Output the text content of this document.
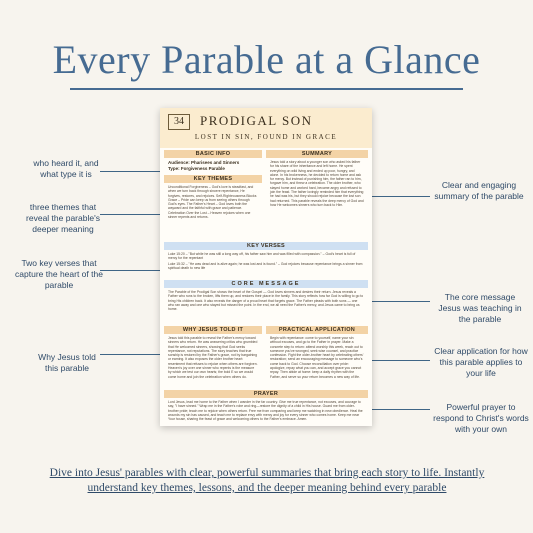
Every Parable at a Glance
who heard it, and what type it is
three themes that reveal the parable's deeper meaning
Two key verses that capture the heart of the parable
Why Jesus told this parable
Clear and engaging summary of the parable
The core message Jesus was teaching in the parable
Clear application for how this parable applies to your life
Powerful prayer to respond to Christ's words with your own
34	PRODIGAL SON
LOST IN SIN, FOUND IN GRACE
BASIC INFO
Audience: Pharisees and Sinners
Type: Forgiveness Parable
KEY THEMES
Unconditional Forgiveness – God's love is steadfast, and when we turn back through sincere repentance, He forgives, restores, and rejoices. Self-Righteousness Blocks Grace – Pride can keep us from seeing others through God's eyes. The Father's Heart – God loves both the wayward and the faithful with grace and patience. Celebration Over the Lost – Heaven rejoices when one sinner repents and returns.
SUMMARY
Jesus told a story about a younger son who asked his father for his share of the inheritance and left home. He spent everything on wild living and ended up poor, hungry, and alone. In his brokenness, he decided to return home and ask for mercy. But instead of punishing him, the father ran to him, forgave him, and threw a celebration. The older brother, who stayed home and worked hard, became angry and refused to join the feast. The father lovingly reminded him that everything he had was his, but they should rejoice because the lost son had returned. This parable reveals the deep mercy of God and how He welcomes sinners who turn back to Him.
KEY VERSES
Luke 15:20 – "But while he was still a long way off, his father saw him and was filled with compassion." – God's heart is full of mercy for the repentant
Luke 15:32 – "He was dead and is alive again; he was lost and is found." – God rejoices because repentance brings a sinner from spiritual death to new life
CORE MESSAGE
The Parable of the Prodigal Son shows the heart of the Gospel — God loves sinners and desires their return. Jesus reveals a Father who runs to the broken, lifts them up, and restores their place in the family. This story reflects how far God is willing to go to bring His children back. It also reveals the danger of a proud heart that forgets grace. The Father pleads with both sons — one who ran away and one who stayed but missed the point. In the end, we all need the Father's mercy, and Jesus came to bring us home.
WHY JESUS TOLD IT
Jesus told this parable to reveal the Father's mercy toward sinners who return. He was answering critics who grumbled that He welcomed sinners, showing that God seeks repentance, not reputations. The story teaches that true sonship is restored by the Father's grace, not by bargaining or earning. It also exposes the older brother heart: resentment that refuses to rejoice when others are forgiven. Heaven's joy over one sinner who repents is the measure by which we test our own hearts; the bold E so we would come home and join the celebration when others do.
PRACTICAL APPLICATION
Begin with repentance: come to yourself, name your sin without excuses, and go to the Father in prayer. Make a concrete step to return: attend worship this week, reach out to someone you've wronged, seek wise counsel, and practice confession. Fight the older-brother heart by celebrating others' restoration; send an encouraging message to someone who's come back to God. Choose reconciliation over pride: apologize, repay what you can, and accept grace you cannot repay. Then abide at home: keep a daily rhythm with the Father, and serve so your return becomes a new way of life.
PRAYER
Lord Jesus, lead me home to the Father when I wander in the far country. Give me true repentance, not excuses, and courage to say, "I have sinned." Wrap me in the Father's robe and ring—restore the dignity of a child in His house. Guard me from older-brother pride; teach me to rejoice when others return. Free me from comparing and keep me watching in new obedience. Heal the wounds my sin has caused, and teach me to replace envy with mercy and joy for every sinner who comes home. Keep me near Your house, sharing the feast of grace and welcoming others to the Father's embrace. Amen.
Dive into Jesus' parables with clear, powerful summaries that bring each story to life. Instantly understand key themes, lessons, and the deeper meaning behind every parable
